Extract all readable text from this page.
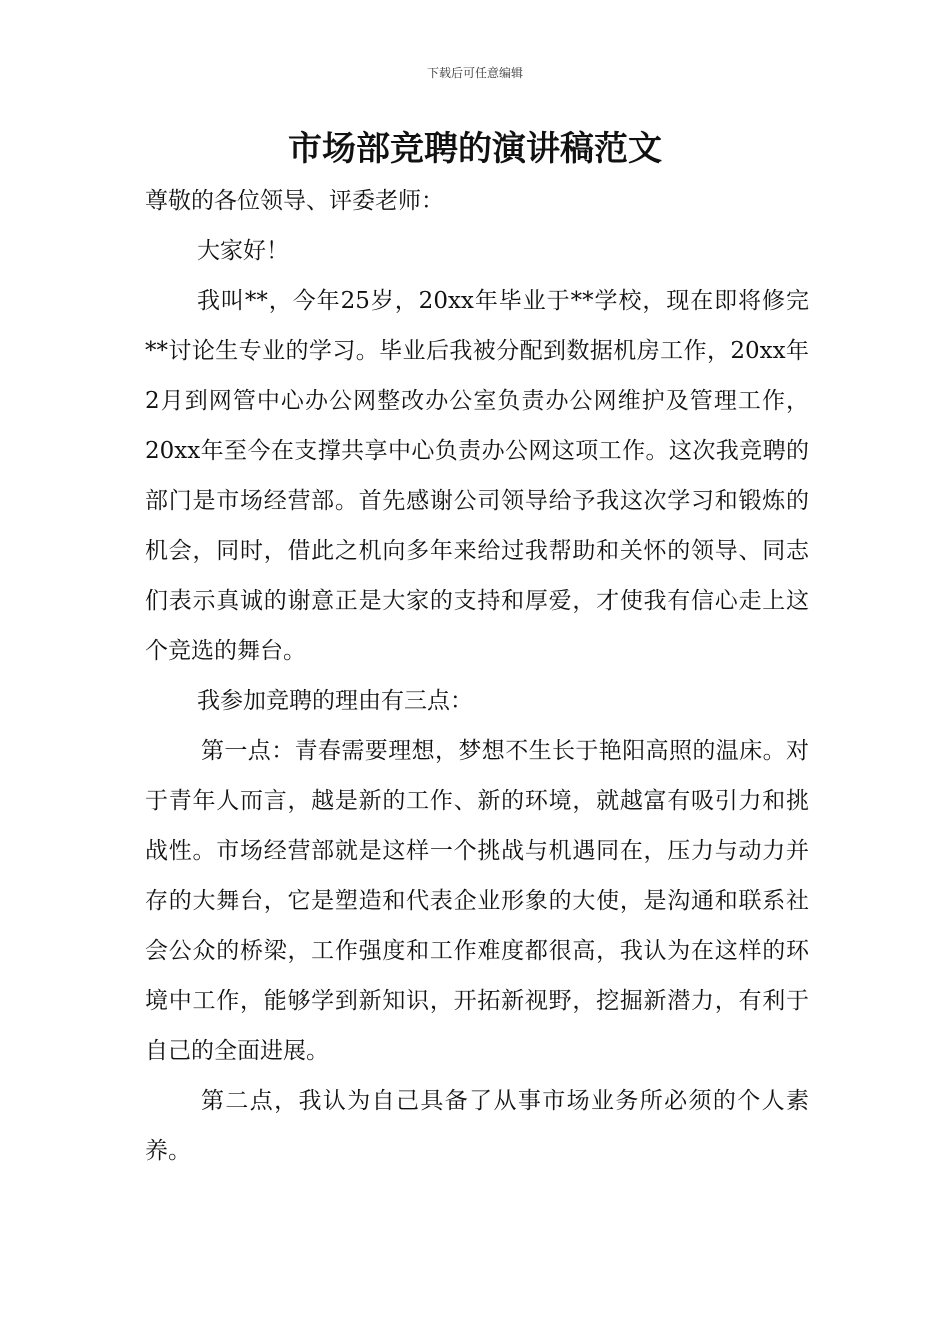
下载后可任意编辑
市场部竞聘的演讲稿范文

尊敬的各位领导、评委老师：

大家好！

我叫**，今年25岁，20xx年毕业于**学校，现在即将修完**讨论生专业的学习。毕业后我被分配到数据机房工作，20xx年2月到网管中心办公网整改办公室负责办公网维护及管理工作，20xx年至今在支撑共享中心负责办公网这项工作。这次我竞聘的部门是市场经营部。首先感谢公司领导给予我这次学习和锻炼的机会，同时，借此之机向多年来给过我帮助和关怀的领导、同志们表示真诚的谢意正是大家的支持和厚爱，才使我有信心走上这个竞选的舞台。

我参加竞聘的理由有三点：

第一点：青春需要理想，梦想不生长于艳阳高照的温床。对于青年人而言，越是新的工作、新的环境，就越富有吸引力和挑战性。市场经营部就是这样一个挑战与机遇同在，压力与动力并存的大舞台，它是塑造和代表企业形象的大使，是沟通和联系社会公众的桥梁，工作强度和工作难度都很高，我认为在这样的环境中工作，能够学到新知识，开拓新视野，挖掘新潜力，有利于自己的全面进展。

第二点，我认为自己具备了从事市场业务所必须的个人素养。
